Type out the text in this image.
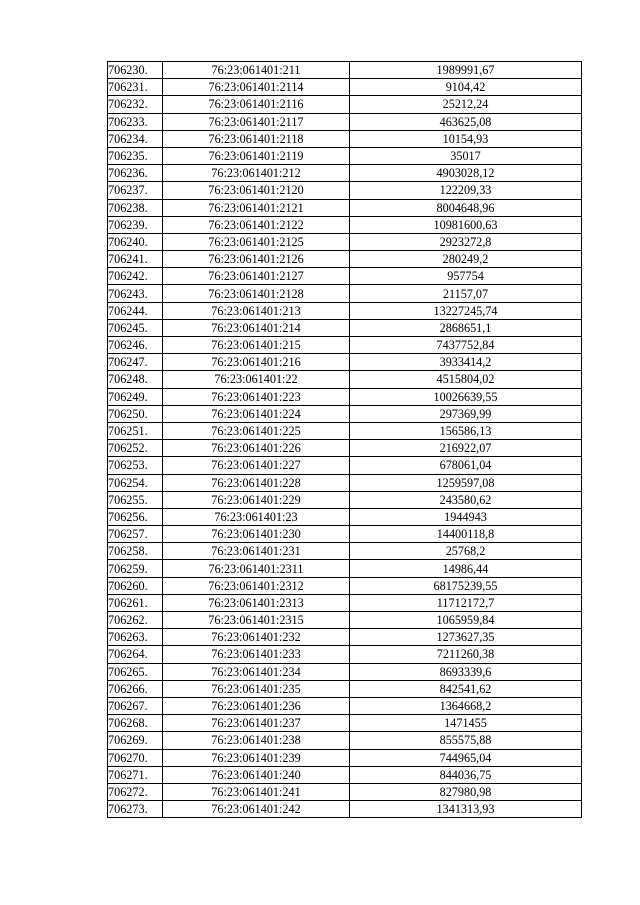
706230.	76:23:061401:211	1989991,67
706231.	76:23:061401:2114	9104,42
706232.	76:23:061401:2116	25212,24
706233.	76:23:061401:2117	463625,08
706234.	76:23:061401:2118	10154,93
706235.	76:23:061401:2119	35017
706236.	76:23:061401:212	4903028,12
706237.	76:23:061401:2120	122209,33
706238.	76:23:061401:2121	8004648,96
706239.	76:23:061401:2122	10981600,63
706240.	76:23:061401:2125	2923272,8
706241.	76:23:061401:2126	280249,2
706242.	76:23:061401:2127	957754
706243.	76:23:061401:2128	21157,07
706244.	76:23:061401:213	13227245,74
706245.	76:23:061401:214	2868651,1
706246.	76:23:061401:215	7437752,84
706247.	76:23:061401:216	3933414,2
706248.	76:23:061401:22	4515804,02
706249.	76:23:061401:223	10026639,55
706250.	76:23:061401:224	297369,99
706251.	76:23:061401:225	156586,13
706252.	76:23:061401:226	216922,07
706253.	76:23:061401:227	678061,04
706254.	76:23:061401:228	1259597,08
706255.	76:23:061401:229	243580,62
706256.	76:23:061401:23	1944943
706257.	76:23:061401:230	14400118,8
706258.	76:23:061401:231	25768,2
706259.	76:23:061401:2311	14986,44
706260.	76:23:061401:2312	68175239,55
706261.	76:23:061401:2313	11712172,7
706262.	76:23:061401:2315	1065959,84
706263.	76:23:061401:232	1273627,35
706264.	76:23:061401:233	7211260,38
706265.	76:23:061401:234	8693339,6
706266.	76:23:061401:235	842541,62
706267.	76:23:061401:236	1364668,2
706268.	76:23:061401:237	1471455
706269.	76:23:061401:238	855575,88
706270.	76:23:061401:239	744965,04
706271.	76:23:061401:240	844036,75
706272.	76:23:061401:241	827980,98
706273.	76:23:061401:242	1341313,93
